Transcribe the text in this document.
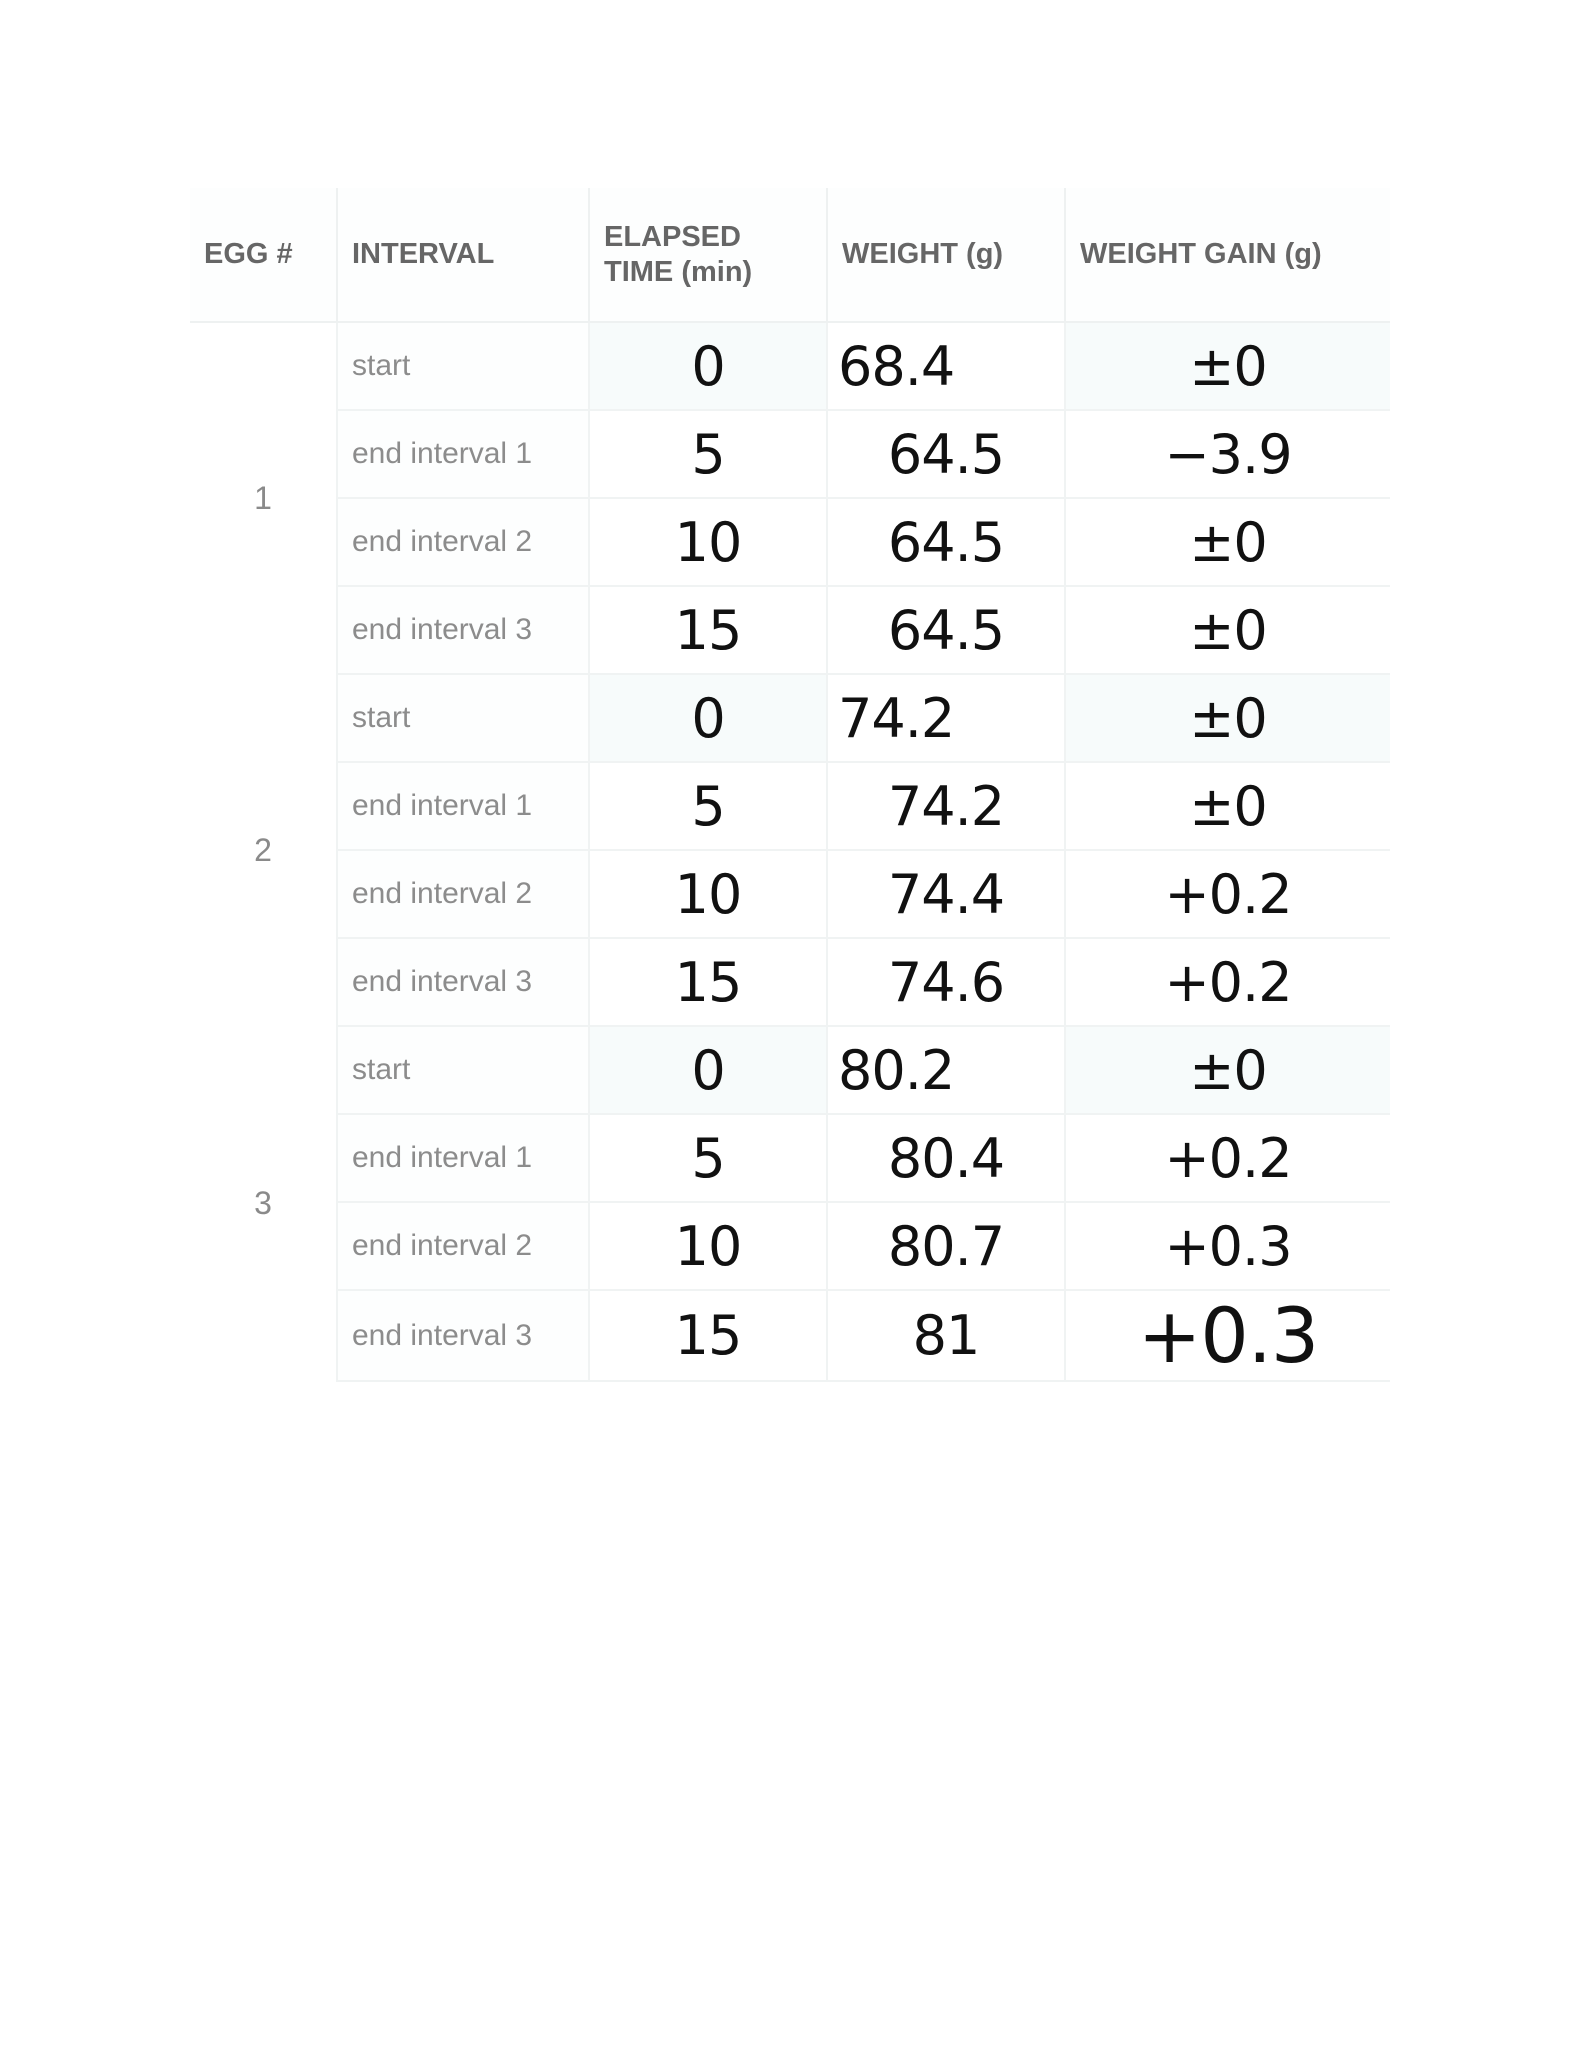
EGG #	INTERVAL	ELAPSED TIME (min)	WEIGHT (g)	WEIGHT GAIN (g)
1	start	0	68.4	±0
	end interval 1	5	64.5	−3.9
	end interval 2	10	64.5	±0
	end interval 3	15	64.5	±0
2	start	0	74.2	±0
	end interval 1	5	74.2	±0
	end interval 2	10	74.4	+0.2
	end interval 3	15	74.6	+0.2
3	start	0	80.2	±0
	end interval 1	5	80.4	+0.2
	end interval 2	10	80.7	+0.3
	end interval 3	15	81	+0.3
